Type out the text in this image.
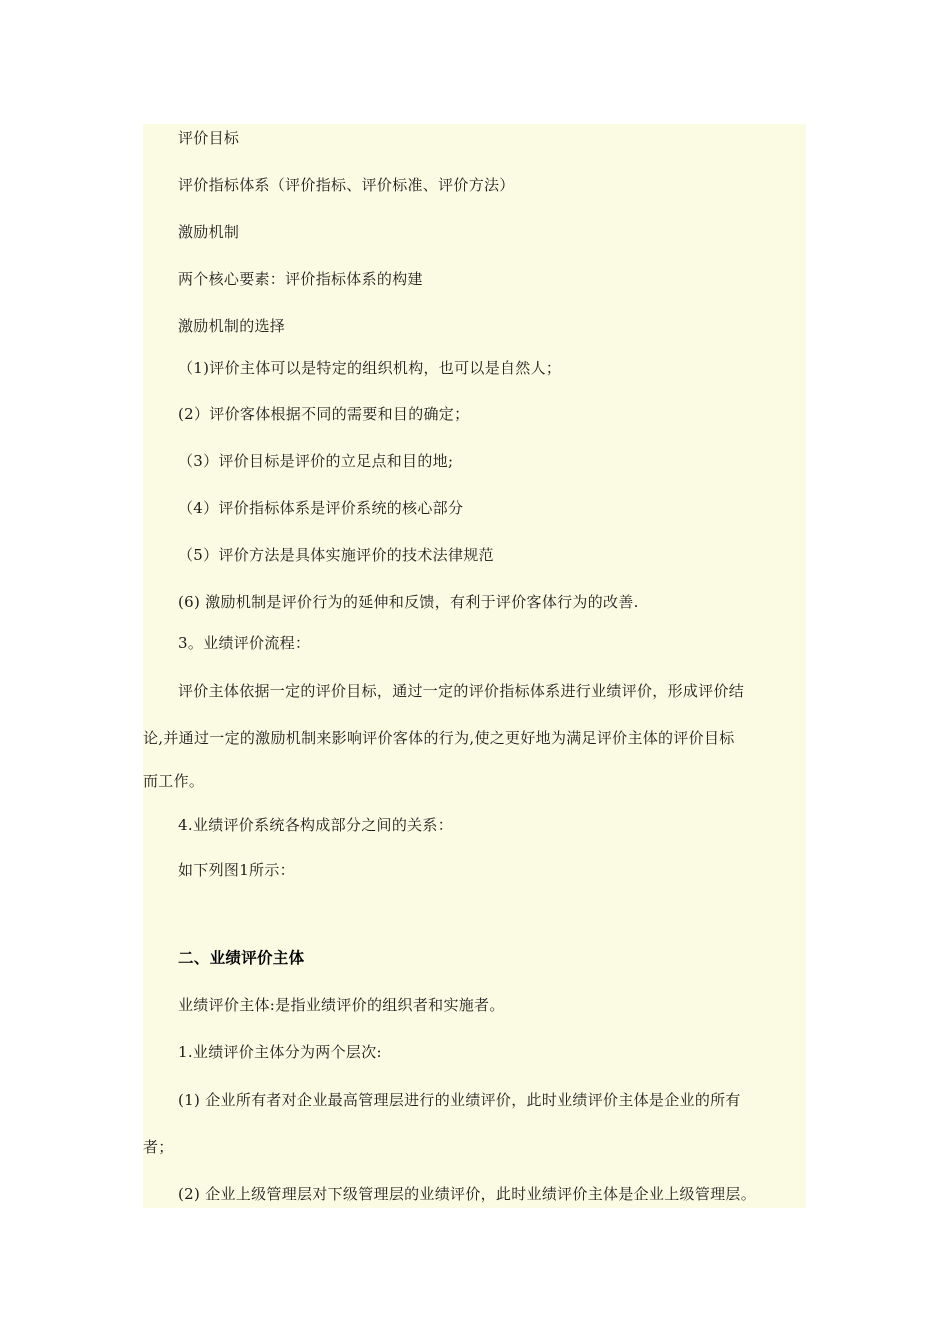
评价目标
评价指标体系（评价指标、评价标准、评价方法）
激励机制
两个核心要素：评价指标体系的构建
激励机制的选择
（1)评价主体可以是特定的组织机构，也可以是自然人；
(2）评价客体根据不同的需要和目的确定；
（3）评价目标是评价的立足点和目的地;
（4）评价指标体系是评价系统的核心部分
（5）评价方法是具体实施评价的技术法律规范
(6) 激励机制是评价行为的延伸和反馈，有利于评价客体行为的改善.
3。业绩评价流程：
评价主体依据一定的评价目标，通过一定的评价指标体系进行业绩评价，形成评价结
论,并通过一定的激励机制来影响评价客体的行为,使之更好地为满足评价主体的评价目标
而工作。
4.业绩评价系统各构成部分之间的关系：
如下列图1所示：
二、业绩评价主体
业绩评价主体:是指业绩评价的组织者和实施者。
1.业绩评价主体分为两个层次:
(1) 企业所有者对企业最高管理层进行的业绩评价，此时业绩评价主体是企业的所有
者；
(2) 企业上级管理层对下级管理层的业绩评价，此时业绩评价主体是企业上级管理层。
